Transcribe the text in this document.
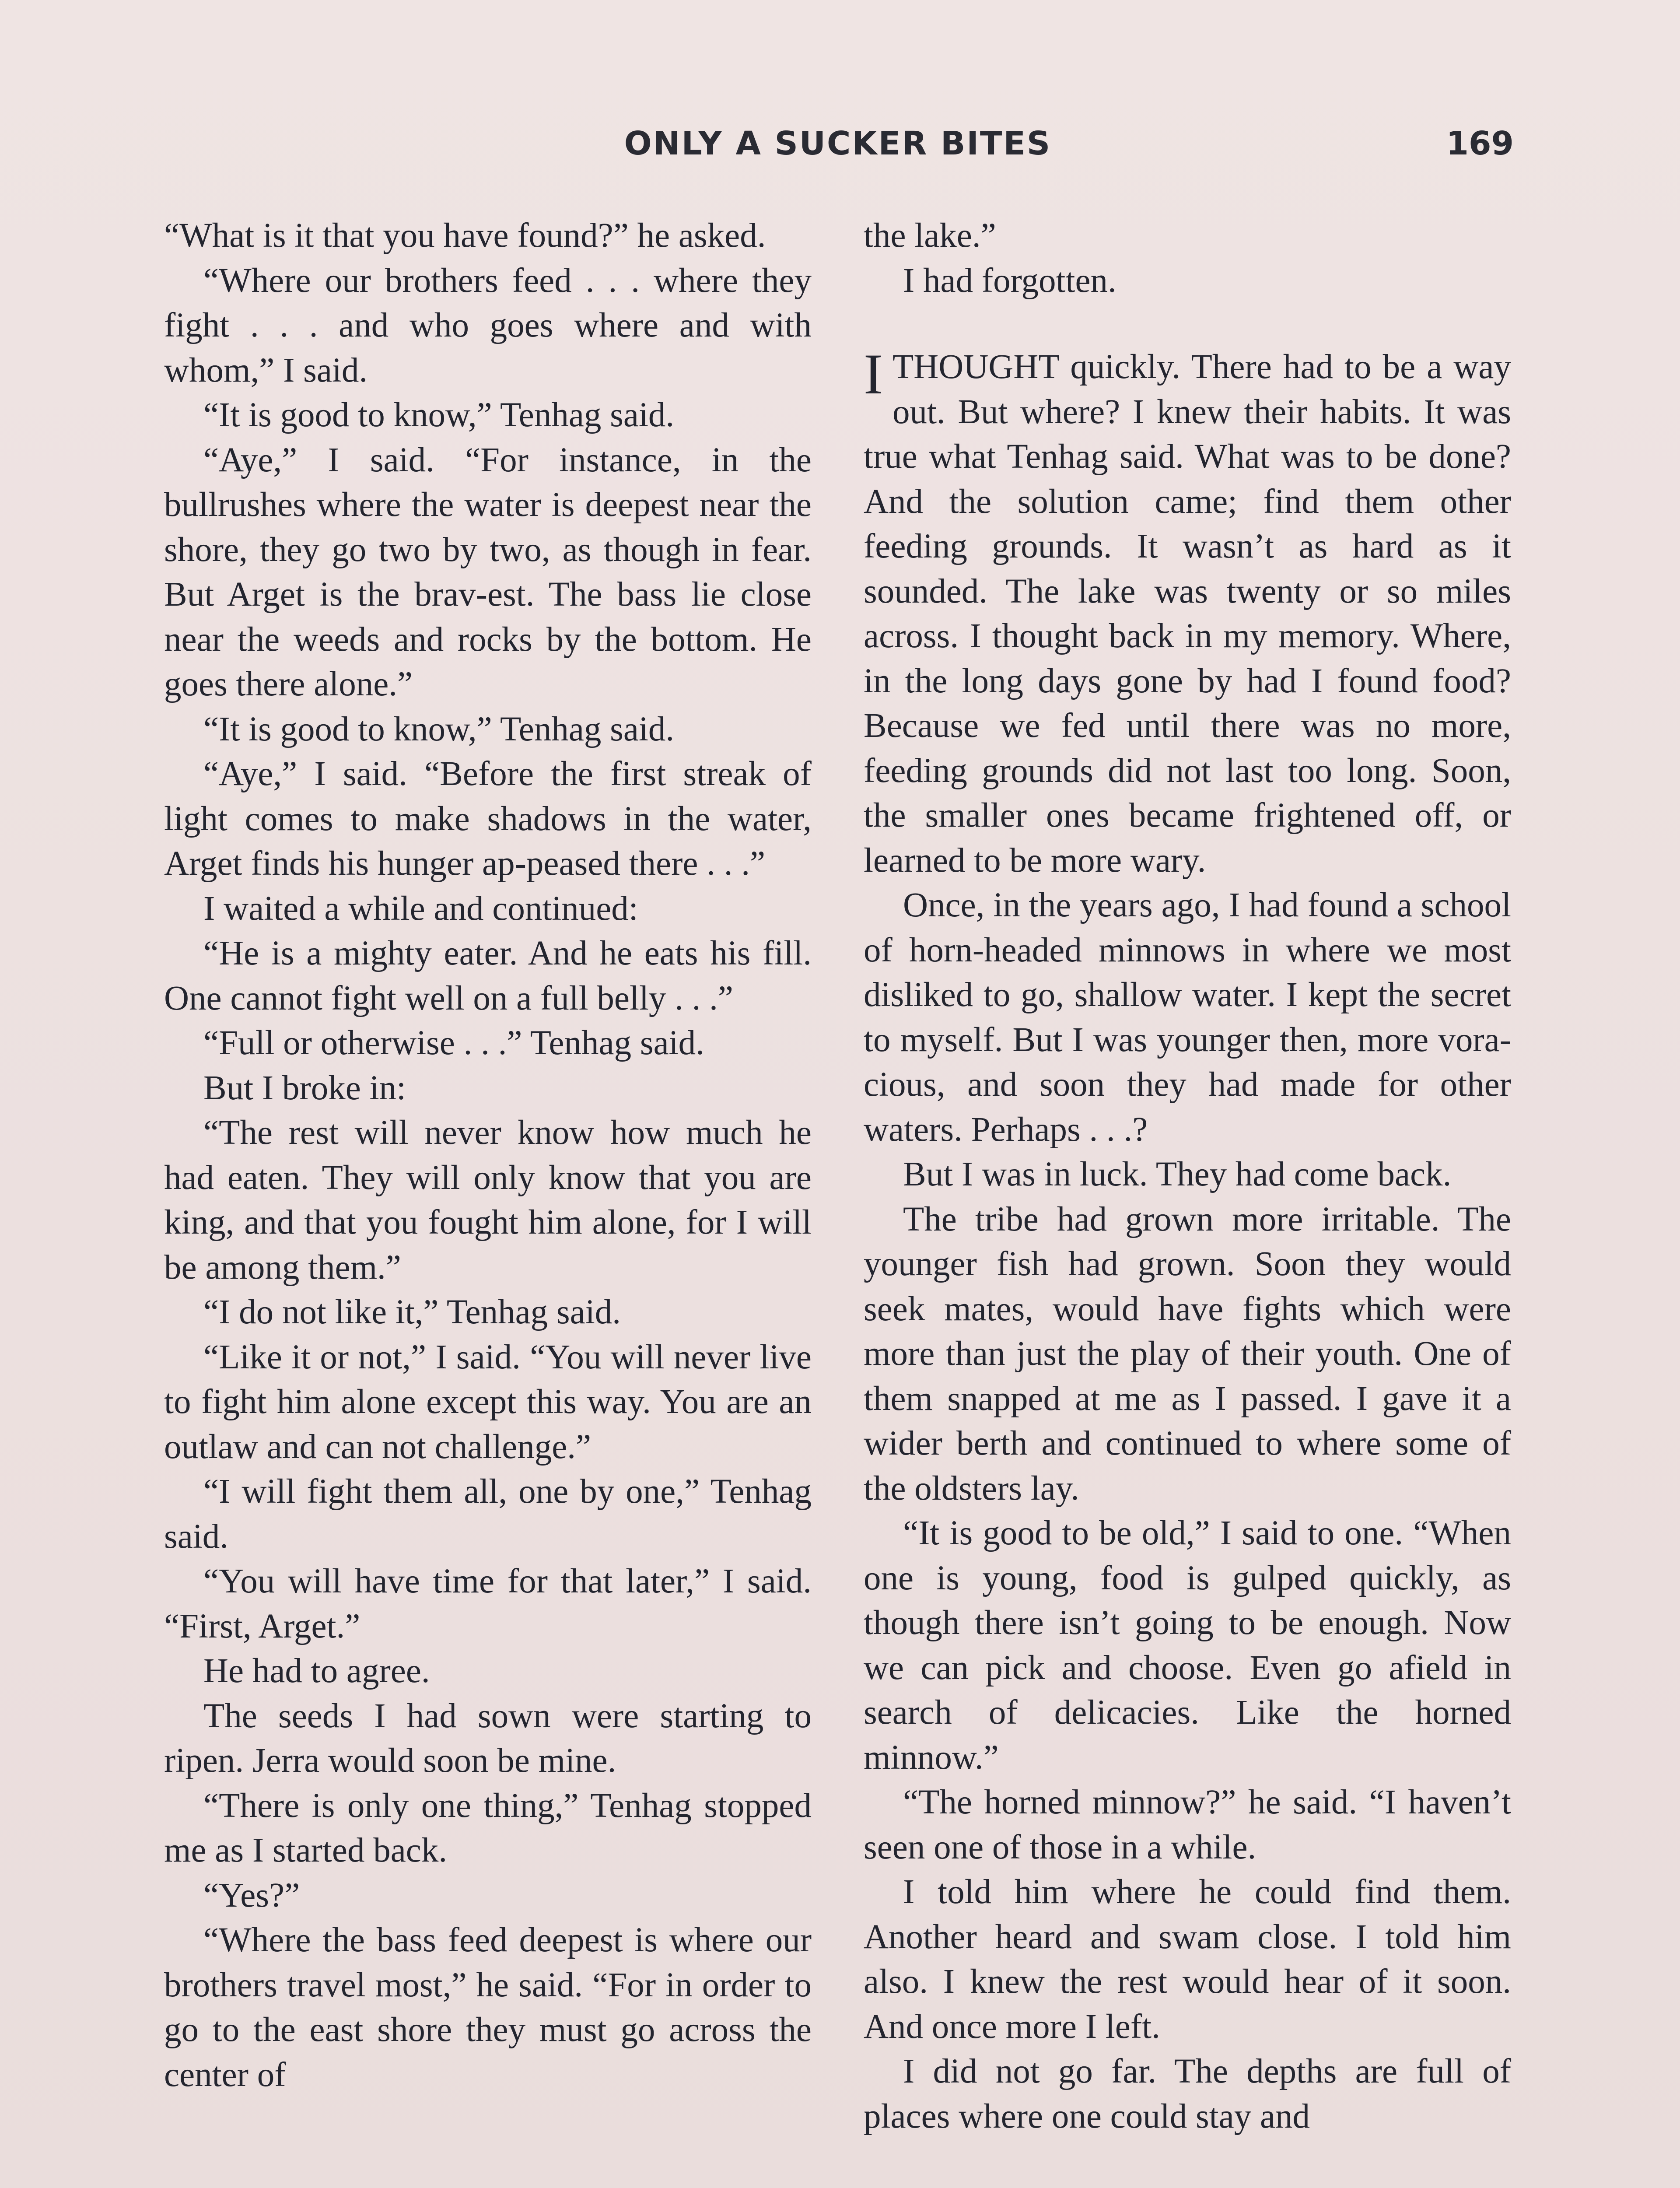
ONLY A SUCKER BITES	169

“What is it that you have found?” he asked.

“Where our brothers feed . . . where they fight . . . and who goes where and with whom,” I said.

“It is good to know,” Tenhag said.

“Aye,” I said. “For instance, in the bullrushes where the water is deepest near the shore, they go two by two, as though in fear. But Arget is the brav-est. The bass lie close near the weeds and rocks by the bottom. He goes there alone.”

“It is good to know,” Tenhag said.

“Aye,” I said. “Before the first streak of light comes to make shadows in the water, Arget finds his hunger ap-peased there . . .”

I waited a while and continued:

“He is a mighty eater. And he eats his fill. One cannot fight well on a full belly . . .”

“Full or otherwise . . .” Tenhag said.

But I broke in:

“The rest will never know how much he had eaten. They will only know that you are king, and that you fought him alone, for I will be among them.”

“I do not like it,” Tenhag said.

“Like it or not,” I said. “You will never live to fight him alone except this way. You are an outlaw and can not challenge.”

“I will fight them all, one by one,” Tenhag said.

“You will have time for that later,” I said. “First, Arget.”

He had to agree.

The seeds I had sown were starting to ripen. Jerra would soon be mine.

“There is only one thing,” Tenhag stopped me as I started back.

“Yes?”

“Where the bass feed deepest is where our brothers travel most,” he said. “For in order to go to the east shore they must go across the center of

the lake.”

I had forgotten.

ITHOUGHT quickly. There had to be a way out. But where? I knew their habits. It was true what Tenhag said. What was to be done? And the solution came; find them other feeding grounds. It wasn’t as hard as it sounded. The lake was twenty or so miles across. I thought back in my memory. Where, in the long days gone by had I found food? Because we fed until there was no more, feeding grounds did not last too long. Soon, the smaller ones became frightened off, or learned to be more wary.

Once, in the years ago, I had found a school of horn-headed minnows in where we most disliked to go, shallow water. I kept the secret to myself. But I was younger then, more vora-cious, and soon they had made for other waters. Perhaps . . .?

But I was in luck. They had come back.

The tribe had grown more irritable. The younger fish had grown. Soon they would seek mates, would have fights which were more than just the play of their youth. One of them snapped at me as I passed. I gave it a wider berth and continued to where some of the oldsters lay.

“It is good to be old,” I said to one. “When one is young, food is gulped quickly, as though there isn’t going to be enough. Now we can pick and choose. Even go afield in search of delicacies. Like the horned minnow.”

“The horned minnow?” he said. “I haven’t seen one of those in a while.

I told him where he could find them. Another heard and swam close. I told him also. I knew the rest would hear of it soon. And once more I left.

I did not go far. The depths are full of places where one could stay and
